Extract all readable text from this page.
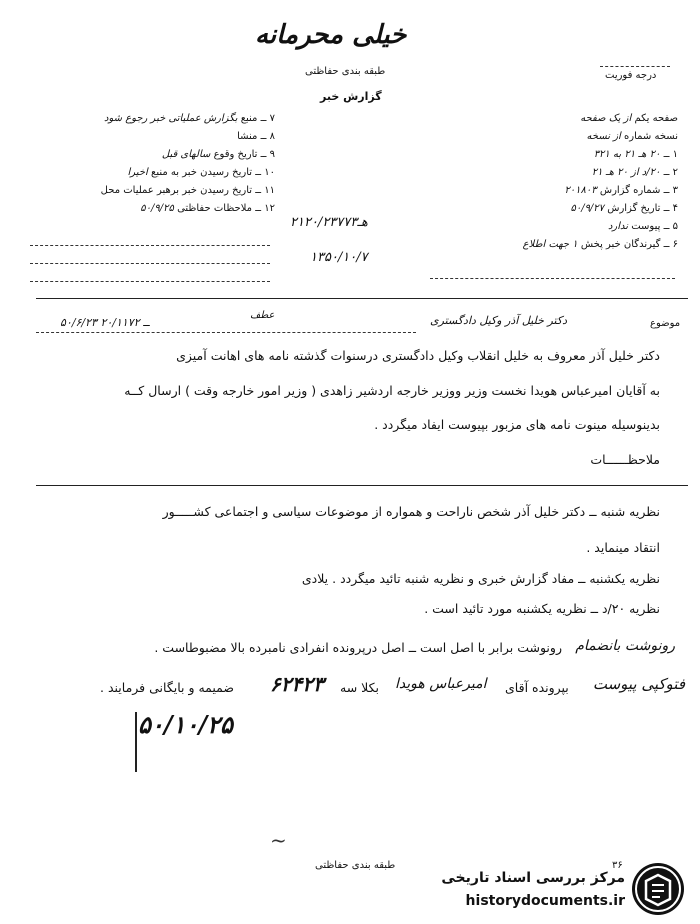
خیلی محرمانه
طبقه بندی حفاظتی	درجه فوریت
گزارش خبر
۷ ــ منبع بگزارش عملیاتی خبر رجوع شود
۸ ــ منشا
۹ ــ تاریخ وقوع سالهای قبل
۱۰ ــ تاریخ رسیدن خبر به منبع اخیرا
۱۱ ــ تاریخ رسیدن خبر برهبر عملیات محل
۱۲ ــ ملاحظات حفاظتی ۵۰/۹/۲۵
صفحه یکم از یک صفحه
نسخه شماره از نسخه
۱ ــ ۲۰ هـ ۲۱ به ۳۲۱
۲ ــ ۲۰/د از ۲۰ هـ ۲۱
۳ ــ شماره گزارش ۲۰۱۸۰۳
۴ ــ تاریخ گزارش ۵۰/۹/۲۷
۵ ــ پیوست ندارد
۶ ــ گیرندگان خبر پخش ۱ جهت اطلاع
۲۱هـ۲۰/۲۳۷۷۳
۱۳۵۰/۱۰/۷
موضوع
دکتر خلیل آذر وکیل دادگستری
عطف
۵۰/۶/۲۳ ــ ۲۰/۱۱۷۲
دکتر خلیل آذر معروف به خلیل انقلاب وکیل دادگستری درسنوات گذشته نامه های اهانت آمیزی
به آقایان امیرعباس هویدا نخست وزیر ووزیر خارجه اردشیر زاهدی ( وزیر امور خارجه وقت ) ارسال کــه
بدینوسیله مینوت نامه های مزبور بپیوست ایفاد میگردد .
ملاحظــــــات
نظریه شنبه ــ دکتر خلیل آذر شخص ناراحت و همواره از موضوعات سیاسی و اجتماعی کشـــــور
انتقاد مینماید .
نظریه یکشنبه ــ مفاد گزارش خبری و نظریه شنبه تائید میگردد . یلادی
نظریه ۲۰/د ــ نظریه یکشنبه مورد تائید است .
رونوشت برابر با اصل است ــ اصل درپرونده انفرادی نامبرده بالا مضبوطاست . رونوشت بانضمام
فتوکپی پیوست
بپرونده آقای
امیرعباس هویدا
بکلا سه
۶۲۴۲۳
ضمیمه و بایگانی فرمایند .
۵۰/۱۰/۲۵
~
طبقه بندی حفاظتی	۳۶
مرکز بررسی اسناد تاریخی
historydocuments.ir
